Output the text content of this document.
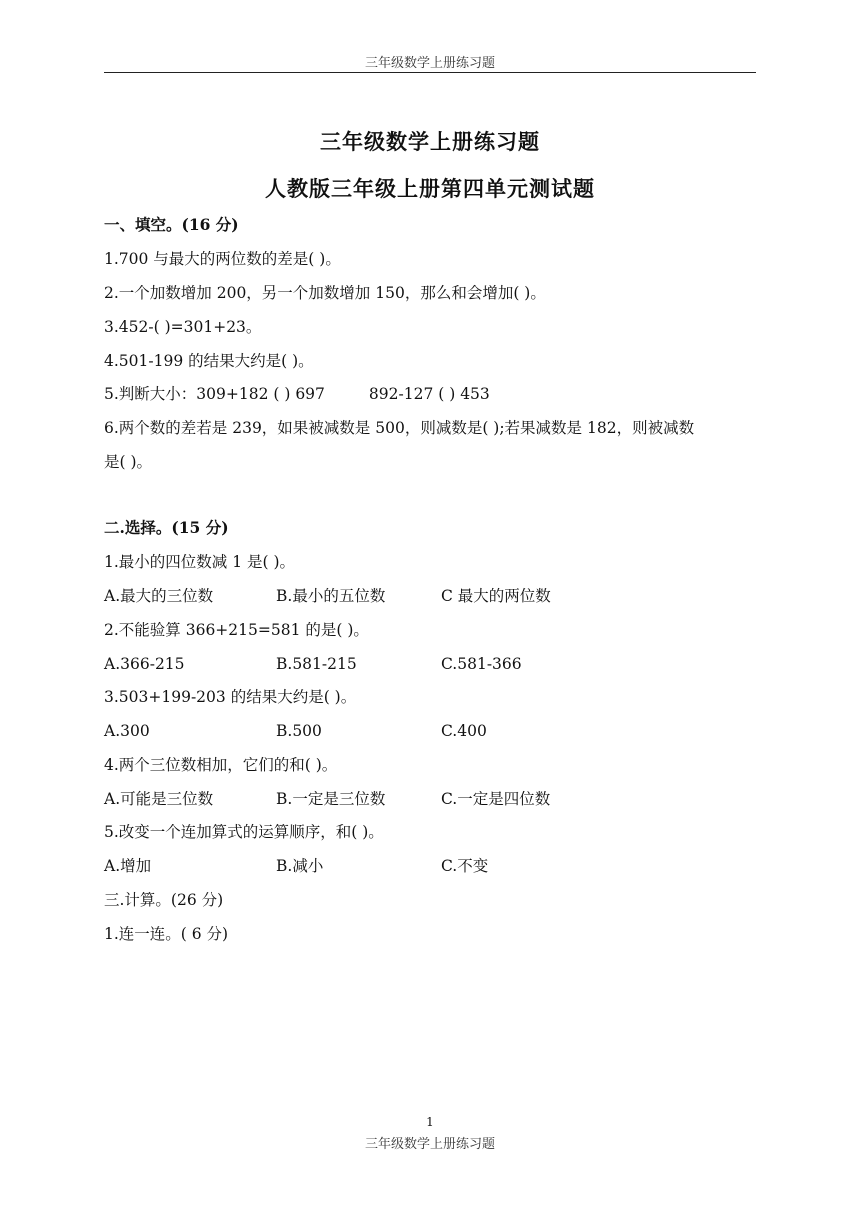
三年级数学上册练习题
三年级数学上册练习题
人教版三年级上册第四单元测试题
一、填空。(16 分)
1.700 与最大的两位数的差是( )。
2.一个加数增加 200，另一个加数增加 150，那么和会增加( )。
3.452-( )=301+23。
4.501-199 的结果大约是( )。
5.判断大小：309+182 ( ) 697	892-127 ( ) 453
6.两个数的差若是 239，如果被减数是 500，则减数是( );若果减数是 182，则被减数
是( )。
二.选择。(15 分)
1.最小的四位数减 1 是( )。
A.最大的三位数	B.最小的五位数	C 最大的两位数
2.不能验算 366+215=581 的是( )。
A.366-215	B.581-215	C.581-366
3.503+199-203 的结果大约是( )。
A.300	B.500	C.400
4.两个三位数相加，它们的和( )。
A.可能是三位数	B.一定是三位数	C.一定是四位数
5.改变一个连加算式的运算顺序，和( )。
A.增加	B.减小	C.不变
三.计算。(26 分)
1.连一连。( 6 分)
1
三年级数学上册练习题
